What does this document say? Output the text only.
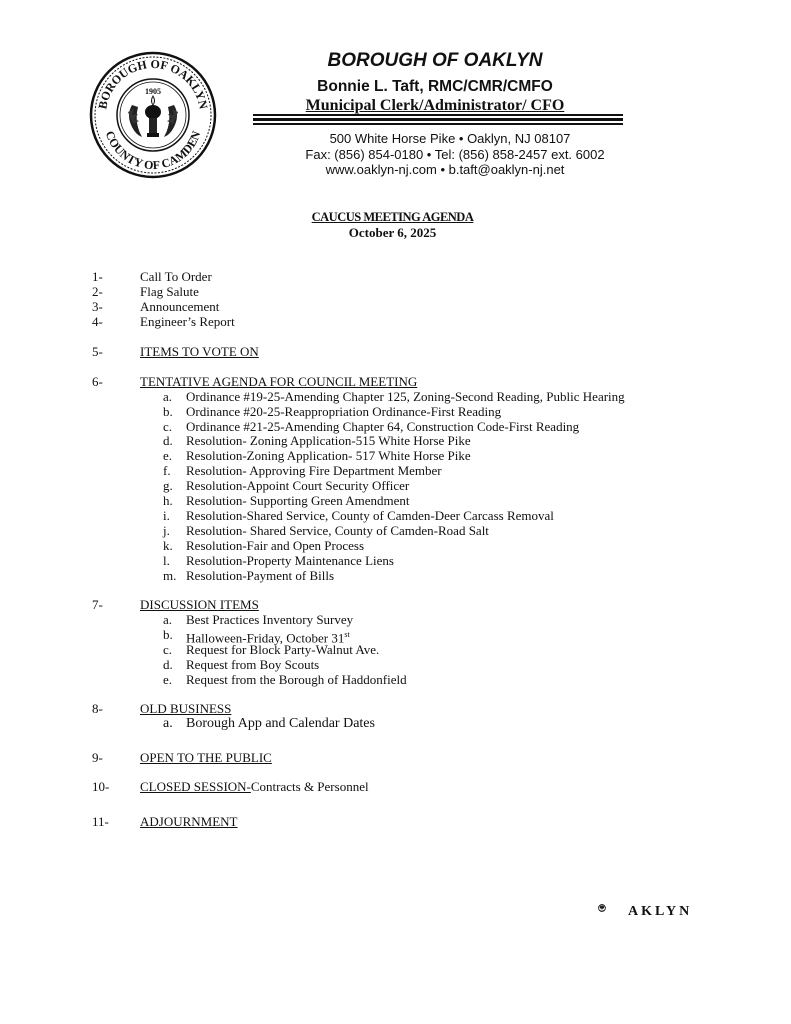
BOROUGH OF OAKLYN
COUNTY OF CAMDEN
1905
BOROUGH OF OAKLYN
Bonnie L. Taft, RMC/CMR/CMFO
Municipal Clerk/Administrator/ CFO
500 White Horse Pike • Oaklyn, NJ 08107
Fax: (856) 854-0180 • Tel: (856) 858-2457 ext. 6002
www.oaklyn-nj.com • b.taft@oaklyn-nj.net
CAUCUS MEETING AGENDA
October 6, 2025
1-	Call To Order
2-	Flag Salute
3-	Announcement
4-	Engineer’s Report
5-	ITEMS TO VOTE ON
6-	TENTATIVE AGENDA FOR COUNCIL MEETING
a. Ordinance #19-25-Amending Chapter 125, Zoning-Second Reading, Public Hearing
b. Ordinance #20-25-Reappropriation Ordinance-First Reading
c. Ordinance #21-25-Amending Chapter 64, Construction Code-First Reading
d. Resolution- Zoning Application-515 White Horse Pike
e. Resolution-Zoning Application- 517 White Horse Pike
f. Resolution- Approving Fire Department Member
g. Resolution-Appoint Court Security Officer
h. Resolution- Supporting Green Amendment
i. Resolution-Shared Service, County of Camden-Deer Carcass Removal
j. Resolution- Shared Service, County of Camden-Road Salt
k. Resolution-Fair and Open Process
l. Resolution-Property Maintenance Liens
m. Resolution-Payment of Bills
7-	DISCUSSION ITEMS
a. Best Practices Inventory Survey
b. Halloween-Friday, October 31st
c. Request for Block Party-Walnut Ave.
d. Request from Boy Scouts
e. Request from the Borough of Haddonfield
8-	OLD BUSINESS
a. Borough App and Calendar Dates
9-	OPEN TO THE PUBLIC
10- CLOSED SESSION-Contracts & Personnel
11- ADJOURNMENT
AKLYN
